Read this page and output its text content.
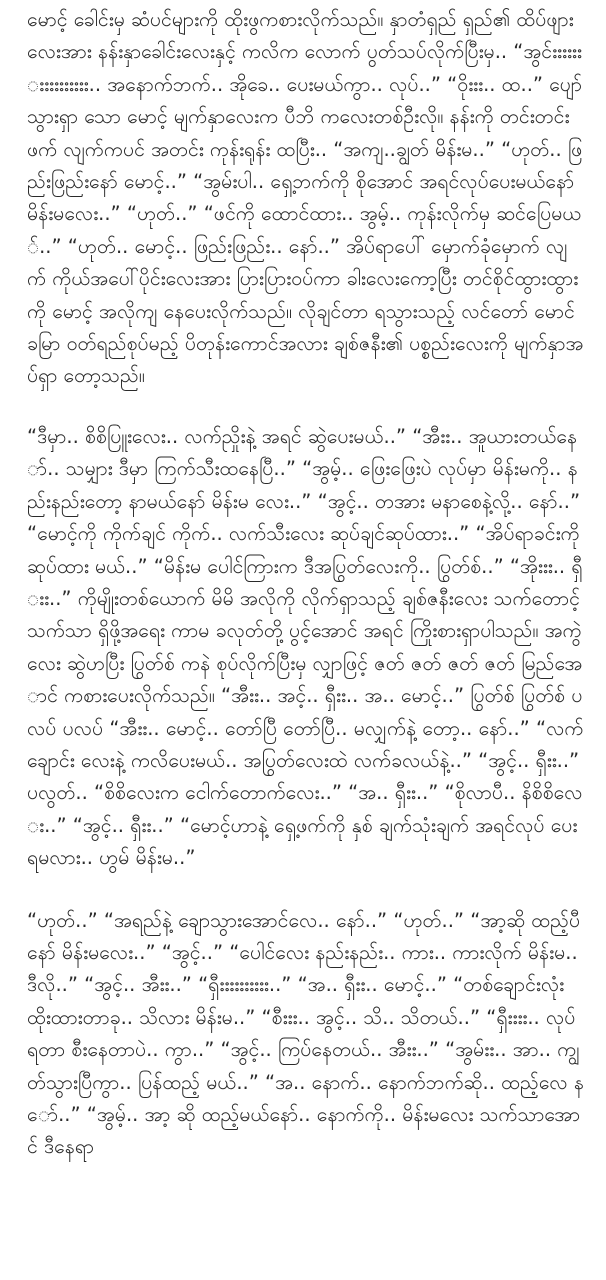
မောင့် ခေါင်းမှ ဆံပင်များကို ထိုးဖွကစားလိုက်သည်။ နှာတံရှည် ရှည်၏ ထိပ်ဖျားလေးအား နန်းနှာခေါင်းလေးနှင့် ကလိက လောက် ပွတ်သပ်လိုက်ပြီးမှ.. “အွင်းးးးးးးးးးးးးးးး.. အနောက်ဘက်.. အိုခေ.. ပေးမယ်ကွာ.. လုပ်..” “ဝိုးးး.. ထ..” ပျော်သွားရှာ သော မောင့် မျက်နှာလေးက ပီဘိ ကလေးတစ်ဦးလို။ နန်းကို တင်းတင်း ဖက် လျက်ကပင် အတင်း ကုန်းရုန်း ထပြီး.. “အကျ..ချွတ် မိန်းမ..” “ဟုတ်.. ဖြည်းဖြည်းနော် မောင့်..” “အွမ်းပါ.. ရှေ့ဘက်ကို စိုအောင် အရင်လုပ်ပေးမယ်နော် မိန်းမလေး..” “ဟုတ်..” “ဖင်ကို ထောင်ထား.. အွမ့်.. ကုန်းလိုက်မှ ဆင်ပြေမယ်..” “ဟုတ်.. မောင့်.. ဖြည်းဖြည်း.. နော်..” အိပ်ရာပေါ် မှောက်ခုံမှောက် လျက် ကိုယ်အပေါ်ပိုင်းလေးအား ပြားပြားဝပ်ကာ ခါးလေးကော့ပြီး တင်စိုင်ထွားထွားကို မောင့် အလိုကျ နေပေးလိုက်သည်။ လိုချင်တာ ရသွားသည့် လင်တော် မောင်ခမြာ ဝတ်ရည်စုပ်မည့် ပိတုန်းကောင်အလား ချစ်ဇနီး၏ ပစ္စည်းလေးကို မျက်နှာအပ်ရှာ တော့သည်။

“ဒီမှာ.. စိစိပြူးလေး.. လက်ညှိုးနဲ့ အရင် ဆွဲပေးမယ်..” “အီးး.. အူယားတယ်နော်.. သမျှား ဒီမှာ ကြက်သီးထနေပြီ..” “အွမ့်.. ဖြေးဖြေးပဲ လုပ်မှာ မိန်းမကို.. နည်းနည်းတော့ နာမယ်နော် မိန်းမ လေး..” “အွင့်.. တအား မနာစေနဲ့လို့.. နော်..” “မောင့်ကို ကိုက်ချင် ကိုက်.. လက်သီးလေး ဆုပ်ချင်ဆုပ်ထား..” “အိပ်ရာခင်းကို ဆုပ်ထား မယ်..” “မိန်းမ ပေါင်ကြားက ဒီအပြွတ်လေးကို.. ပြွတ်စ်..” “အိုးးး.. ရှီးး..” ကိုမျိုးတစ်ယောက် မိမိ အလိုကို လိုက်ရှာသည့် ချစ်ဇနီးလေး သက်တောင့် သက်သာ ရှိဖို့အရေး ကာမ ခလုတ်တို့ ပွင့်အောင် အရင် ကြိုးစားရှာပါသည်။ အကွဲလေး ဆွဲဟပြီး ပြွတ်စ် ကနဲ စုပ်လိုက်ပြီးမှ လျှာဖြင့် ဇတ် ဇတ် ဇတ် ဇတ် မြည်အောင် ကစားပေးလိုက်သည်။ “အီးး.. အင့်.. ရှီးး.. အ.. မောင့်..” ပြွတ်စ် ပြွတ်စ် ပလပ် ပလပ် “အီးး.. မောင့်.. တော်ပြီ တော်ပြီ.. မလျှက်နဲ့ တော့.. နော်..” “လက်ချောင်း လေးနဲ့ ကလိပေးမယ်.. အပြွတ်လေးထဲ လက်ခလယ်နဲ့..” “အွင့်.. ရှီးး..” ပလွတ်.. “စိစိလေးက ငေါက်တောက်လေး..” “အ.. ရှီးး..” “စိုလာပီ.. နိစိစိလေး..” “အွင့်.. ရှီးး..” “မောင့်ဟာနဲ့ ရှေ့ဖက်ကို နှစ် ချက်သုံးချက် အရင်လုပ် ပေးရမလား.. ဟွမ် မိန်းမ..”

“ဟုတ်..” “အရည်နဲ့ ချောသွားအောင်လေ.. နော်..” “ဟုတ်..” “အာ့ဆို ထည့်ပီနော် မိန်းမလေး..” “အွင့်..” “ပေါင်လေး နည်းနည်း.. ကား.. ကားလိုက် မိန်းမ.. ဒီလို..” “အွင့်.. အီးး..” “ရှီးးးးးးးးးး..” “အ.. ရှီးး.. မောင့်..” “တစ်ချောင်းလုံး ထိုးထားတာခု.. သိလား မိန်းမ..” “စီးးး.. အွင့်.. သိ.. သိတယ်..” “ရှီးးးး.. လုပ်ရတာ စီးနေတာပဲ.. ကွာ..” “အွင့်.. ကြပ်နေတယ်.. အီးး..” “အွမ်းး.. အာ.. ကျွတ်သွားပြီကွာ.. ပြန်ထည့် မယ်..” “အ.. နောက်.. နောက်ဘက်ဆို.. ထည့်လေ နော်..” “အွမ့်.. အာ့ ဆို ထည့်မယ်နော်.. နောက်ကို.. မိန်းမလေး သက်သာအောင် ဒီနေရာ
